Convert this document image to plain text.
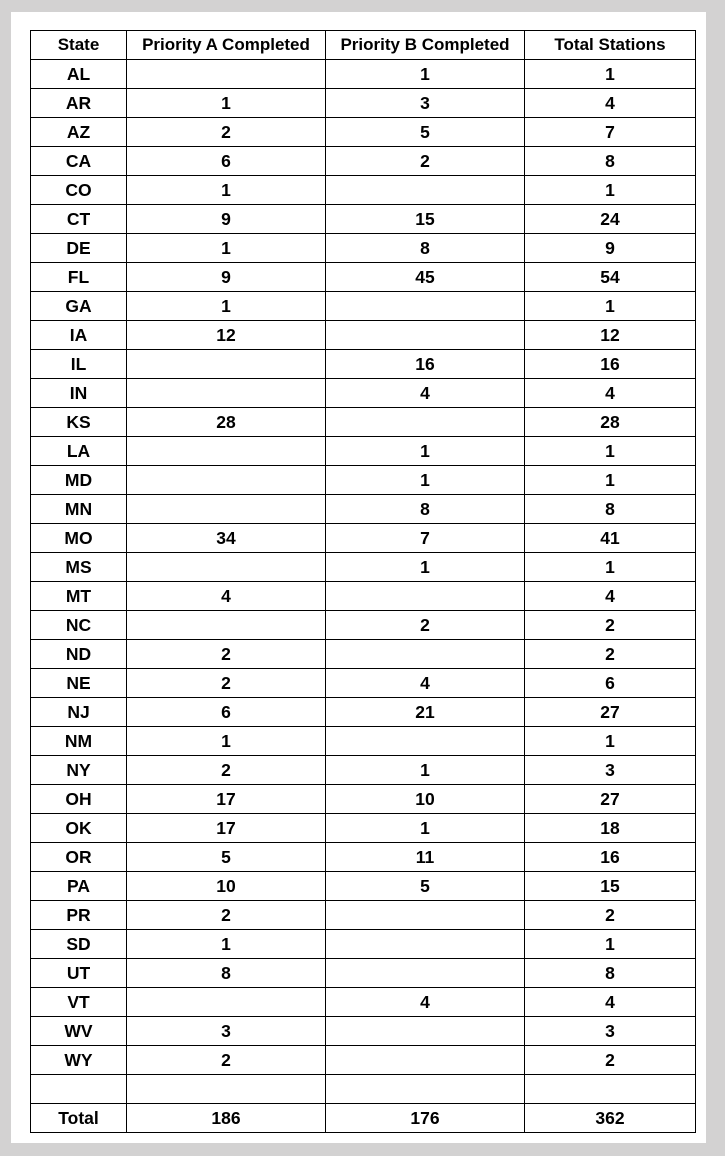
State	Priority A Completed	Priority B Completed	Total Stations
AL		1	1
AR	1	3	4
AZ	2	5	7
CA	6	2	8
CO	1		1
CT	9	15	24
DE	1	8	9
FL	9	45	54
GA	1		1
IA	12		12
IL		16	16
IN		4	4
KS	28		28
LA		1	1
MD		1	1
MN		8	8
MO	34	7	41
MS		1	1
MT	4		4
NC		2	2
ND	2		2
NE	2	4	6
NJ	6	21	27
NM	1		1
NY	2	1	3
OH	17	10	27
OK	17	1	18
OR	5	11	16
PA	10	5	15
PR	2		2
SD	1		1
UT	8		8
VT		4	4
WV	3		3
WY	2		2

Total	186	176	362
